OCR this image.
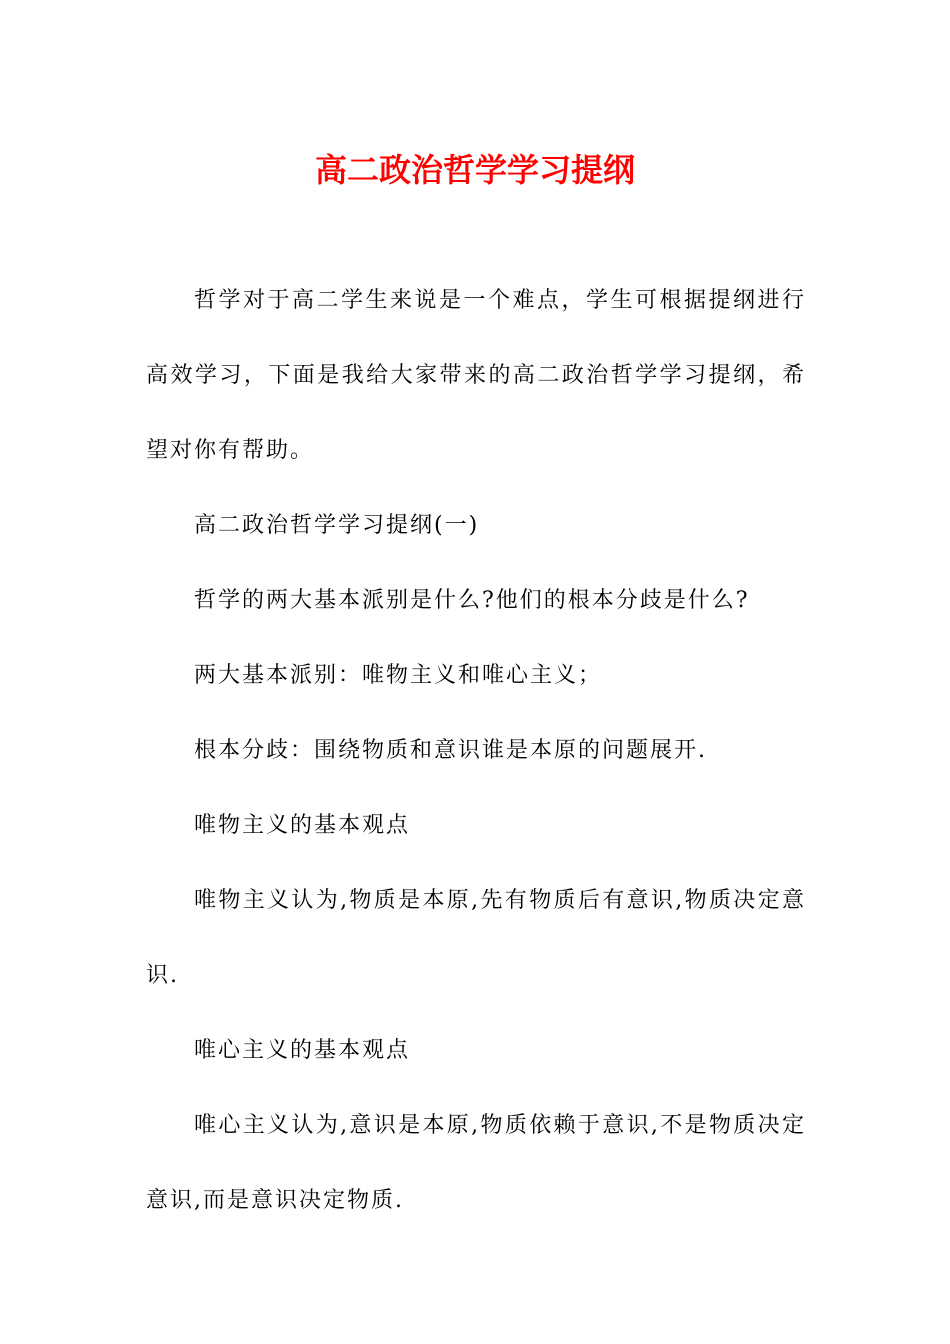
高二政治哲学学习提纲

哲学对于高二学生来说是一个难点，学生可根据提纲进行高效学习，下面是我给大家带来的高二政治哲学学习提纲，希望对你有帮助。

高二政治哲学学习提纲(一)

哲学的两大基本派别是什么?他们的根本分歧是什么?

两大基本派别：唯物主义和唯心主义；

根本分歧：围绕物质和意识谁是本原的问题展开.

唯物主义的基本观点

唯物主义认为,物质是本原,先有物质后有意识,物质决定意识.

唯心主义的基本观点

唯心主义认为,意识是本原,物质依赖于意识,不是物质决定意识,而是意识决定物质.
